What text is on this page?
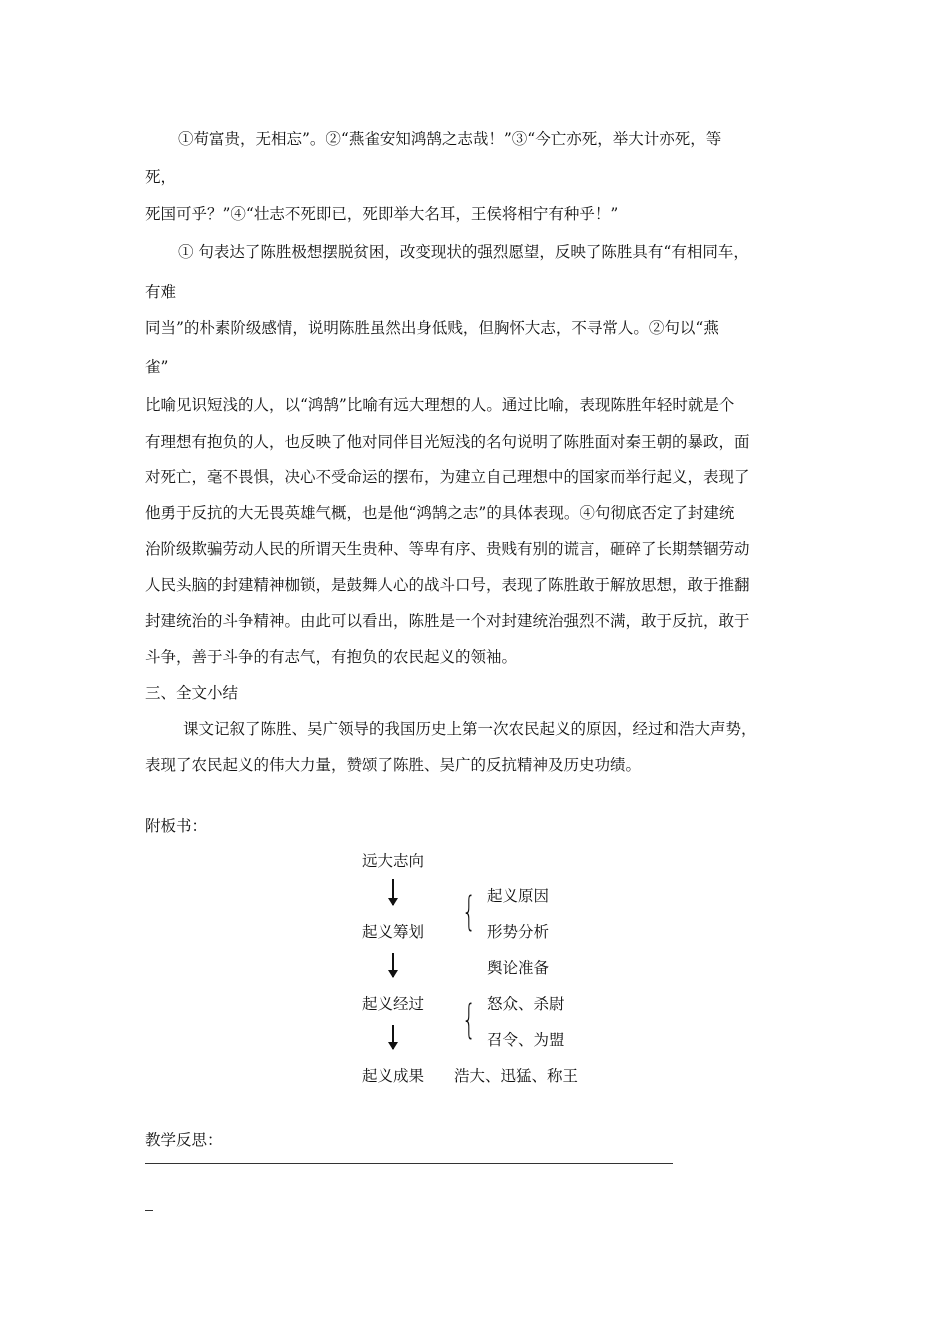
①苟富贵，无相忘”。②“燕雀安知鸿鹄之志哉！”③“今亡亦死，举大计亦死，等
死，
死国可乎？”④“壮志不死即已，死即举大名耳，王侯将相宁有种乎！”
① 句表达了陈胜极想摆脱贫困，改变现状的强烈愿望，反映了陈胜具有“有相同车，
有难
同当”的朴素阶级感情，说明陈胜虽然出身低贱，但胸怀大志，不寻常人。②句以“燕
雀”
比喻见识短浅的人，以“鸿鹄”比喻有远大理想的人。通过比喻，表现陈胜年轻时就是个
有理想有抱负的人，也反映了他对同伴目光短浅的名句说明了陈胜面对秦王朝的暴政，面
对死亡，毫不畏惧，决心不受命运的摆布，为建立自己理想中的国家而举行起义，表现了
他勇于反抗的大无畏英雄气概，也是他“鸿鹄之志”的具体表现。④句彻底否定了封建统
治阶级欺骗劳动人民的所谓天生贵种、等卑有序、贵贱有别的谎言，砸碎了长期禁锢劳动
人民头脑的封建精神枷锁，是鼓舞人心的战斗口号，表现了陈胜敢于解放思想，敢于推翻
封建统治的斗争精神。由此可以看出，陈胜是一个对封建统治强烈不满，敢于反抗，敢于
斗争，善于斗争的有志气，有抱负的农民起义的领袖。
三、全文小结
课文记叙了陈胜、吴广领导的我国历史上第一次农民起义的原因，经过和浩大声势，
表现了农民起义的伟大力量，赞颂了陈胜、吴广的反抗精神及历史功绩。
附板书：
远大志向
起义筹划
起义经过
起义成果
{ 起义原因
形势分析
舆论准备
{ 怒众、杀尉
召令、为盟
浩大、迅猛、称王
教学反思：
